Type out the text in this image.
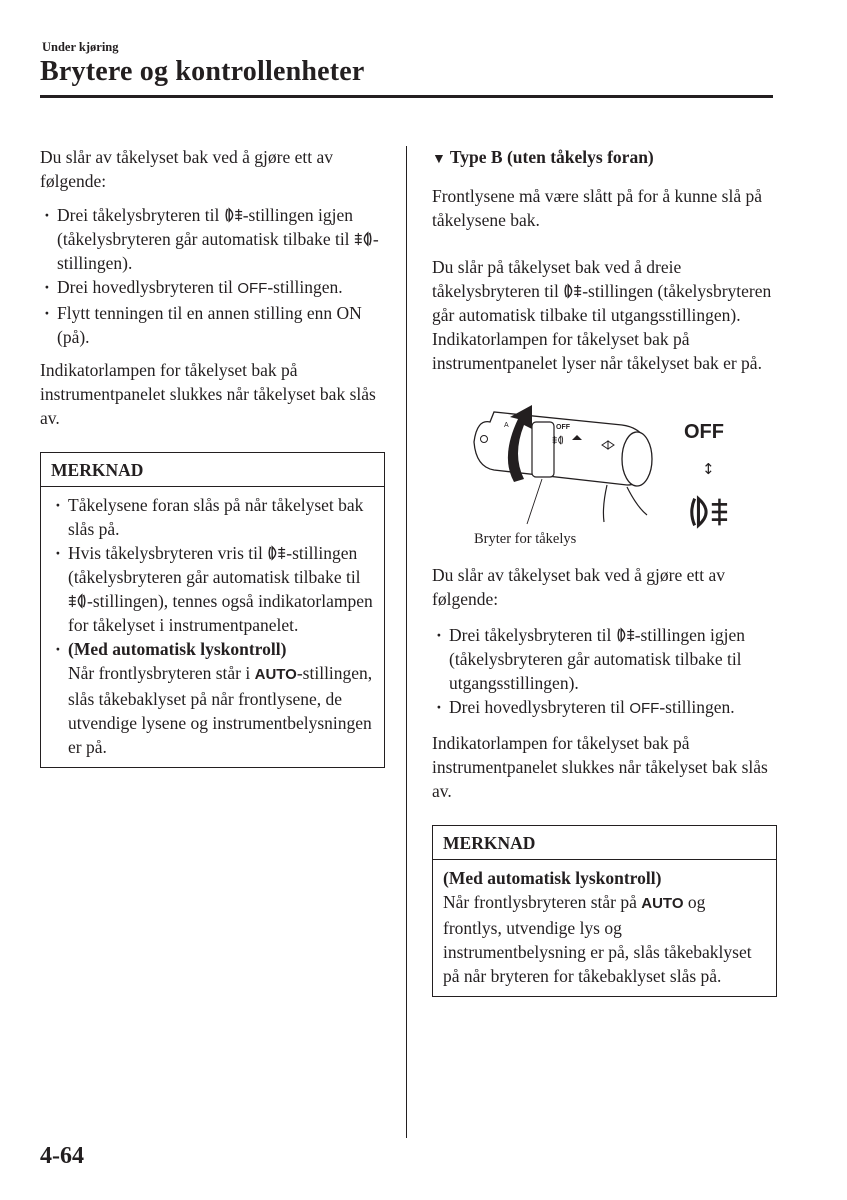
Under kjøring
Brytere og kontrollenheter

Du slår av tåkelyset bak ved å gjøre ett av følgende:

· Drei tåkelysbryteren til -stillingen igjen (tåkelysbryteren går automatisk tilbake til -stillingen).
· Drei hovedlysbryteren til OFF-stillingen.
· Flytt tenningen til en annen stilling enn ON (på).

Indikatorlampen for tåkelyset bak på instrumentpanelet slukkes når tåkelyset bak slås av.

MERKNAD
· Tåkelysene foran slås på når tåkelyset bak slås på.
· Hvis tåkelysbryteren vris til -stillingen (tåkelysbryteren går automatisk tilbake til -stillingen), tennes også indikatorlampen for tåkelyset i instrumentpanelet.
· (Med automatisk lyskontroll)
Når frontlysbryteren står i AUTO-stillingen, slås tåkebaklyset på når frontlysene, de utvendige lysene og instrumentbelysningen er på.

▼ Type B (uten tåkelys foran)

Frontlysene må være slått på for å kunne slå på tåkelysene bak.

Du slår på tåkelyset bak ved å dreie tåkelysbryteren til -stillingen (tåkelysbryteren går automatisk tilbake til utgangsstillingen).

Indikatorlampen for tåkelyset bak på instrumentpanelet lyser når tåkelyset bak er på.

A	OFF	OFF
↕
Bryter for tåkelys

Du slår av tåkelyset bak ved å gjøre ett av følgende:

· Drei tåkelysbryteren til -stillingen igjen (tåkelysbryteren går automatisk tilbake til utgangsstillingen).
· Drei hovedlysbryteren til OFF-stillingen.

Indikatorlampen for tåkelyset bak på instrumentpanelet slukkes når tåkelyset bak slås av.

MERKNAD

(Med automatisk lyskontroll)

Når frontlysbryteren står på AUTO og frontlys, utvendige lys og instrumentbelysning er på, slås tåkebaklyset på når bryteren for tåkebaklyset slås på.

4-64
